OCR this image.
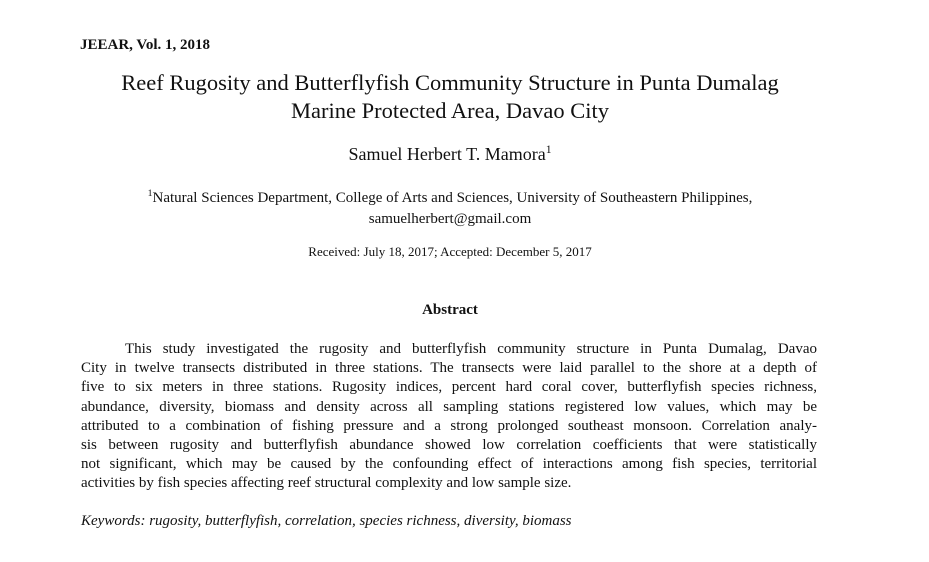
JEEAR, Vol. 1, 2018
Reef Rugosity and Butterflyfish Community Structure in Punta Dumalag
Marine Protected Area, Davao City
Samuel Herbert T. Mamora$^1$
$^1$Natural Sciences Department, College of Arts and Sciences, University of Southeastern Philippines,
samuelherbert@gmail.com
Received: July 18, 2017; Accepted: December 5, 2017
Abstract
This study investigated the rugosity and butterflyfish community structure in Punta Dumalag, Davao
City in twelve transects distributed in three stations. The transects were laid parallel to the shore at a depth of
five to six meters in three stations. Rugosity indices, percent hard coral cover, butterflyfish species richness,
abundance, diversity, biomass and density across all sampling stations registered low values, which may be
attributed to a combination of fishing pressure and a strong prolonged southeast monsoon. Correlation analy-
sis between rugosity and butterflyfish abundance showed low correlation coefficients that were statistically
not significant, which may be caused by the confounding effect of interactions among fish species, territorial
activities by fish species affecting reef structural complexity and low sample size.
Keywords: rugosity, butterflyfish, correlation, species richness, diversity, biomass
